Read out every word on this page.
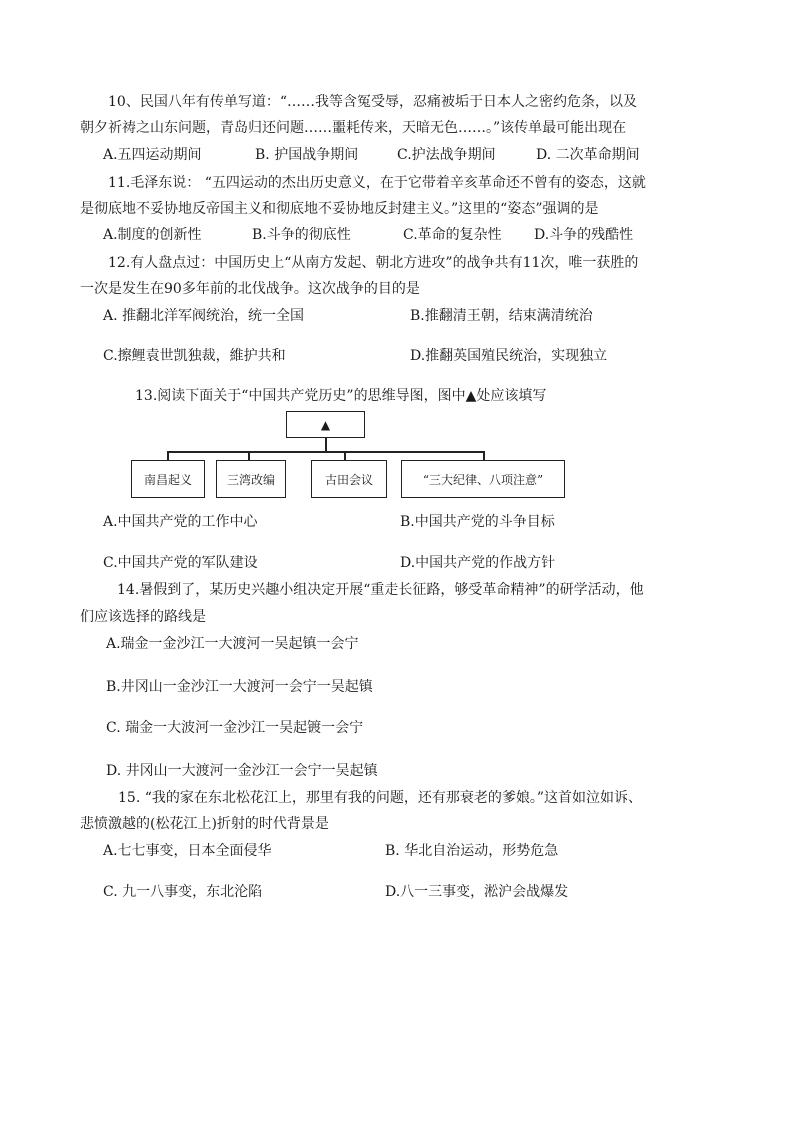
10、民国八年有传单写道：“……我等含冤受辱，忍痛被垢于日本人之密约危条，以及
朝夕祈祷之山东问题，青岛归还问题……噩耗传来，天暗无色……。”该传单最可能出现在
A.五四运动期间	B. 护国战争期间	C.护法战争期间	D. 二次革命期间
11.毛泽东说： “五四运动的杰出历史意义，在于它带着辛亥革命还不曾有的姿态，这就
是彻底地不妥协地反帝国主义和彻底地不妥协地反封建主义。”这里的“姿态”强调的是
A.制度的创新性	B.斗争的彻底性	C.革命的复杂性 D.斗争的残酷性
12.有人盘点过：中国历史上“从南方发起、朝北方进攻”的战争共有11次，唯一获胜的
一次是发生在90多年前的北伐战争。这次战争的目的是
A. 推翻北洋军阀统治，统一全国	B.推翻清王朝，结束满清统治
C.擦鲤袁世凯独裁，維护共和	D.推翻英国殖民统治，实现独立
13.阅读下面关于“中国共产党历史”的思维导图，图中▲处应该填写
▲
南昌起义	三湾改编	古田会议	“三大纪律、八项注意”
A.中国共产党的工作中心	B.中国共产党的斗争目标
C.中国共产党的军队建设	D.中国共产党的作战方针
14.暑假到了，某历史兴趣小组决定开展“重走长征路，够受革命精神”的研学活动，他
们应该选择的路线是
A.瑞金一金沙江一大渡河一吴起镇一会宁
B.井冈山一金沙江一大渡河一会宁一吴起镇
C. 瑞金一大波河一金沙江一吴起镀一会宁
D. 井冈山一大渡河一金沙江一会宁一吴起镇
15. “我的家在东北松花江上，那里有我的问题，还有那衰老的爹娘。”这首如泣如诉、
悲愤激越的(松花江上)折射的时代背景是
A.七七事变，日本全面侵华	B. 华北自治运动，形势危急
C. 九一八事变，东北沦陷	D.八一三事变，淞沪会战爆发
